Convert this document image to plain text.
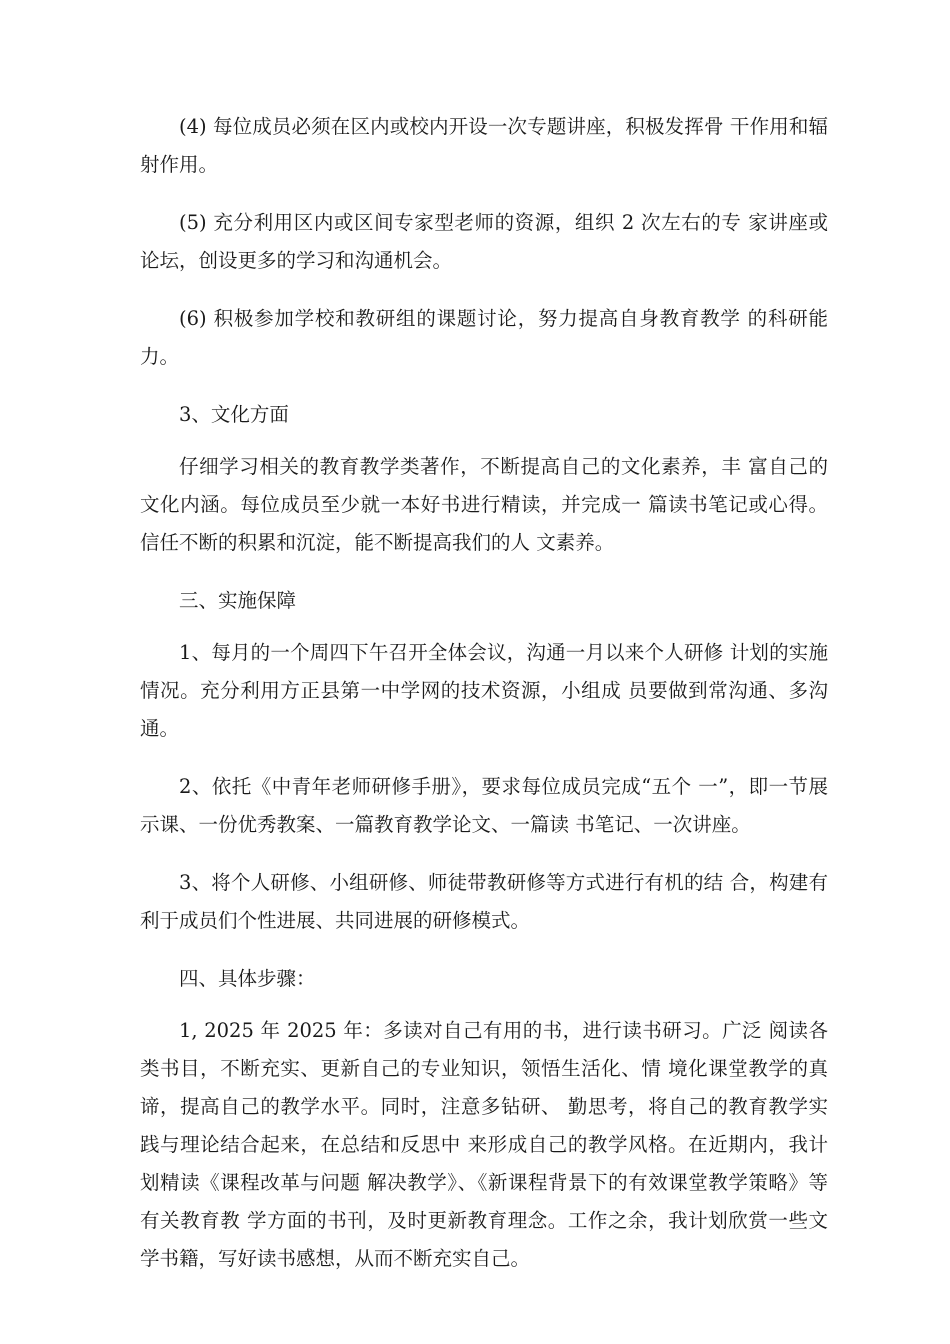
(4) 每位成员必须在区内或校内开设一次专题讲座，积极发挥骨 干作用和辐射作用。

(5) 充分利用区内或区间专家型老师的资源，组织 2 次左右的专 家讲座或论坛，创设更多的学习和沟通机会。

(6) 积极参加学校和教研组的课题讨论，努力提高自身教育教学 的科研能力。

3、文化方面

仔细学习相关的教育教学类著作，不断提高自己的文化素养，丰 富自己的文化内涵。每位成员至少就一本好书进行精读，并完成一 篇读书笔记或心得。信任不断的积累和沉淀，能不断提高我们的人 文素养。

三、实施保障

1、每月的一个周四下午召开全体会议，沟通一月以来个人研修 计划的实施情况。充分利用方正县第一中学网的技术资源，小组成 员要做到常沟通、多沟通。

2、依托《中青年老师研修手册》，要求每位成员完成“五个 一”，即一节展示课、一份优秀教案、一篇教育教学论文、一篇读 书笔记、一次讲座。

3、将个人研修、小组研修、师徒带教研修等方式进行有机的结 合，构建有利于成员们个性进展、共同进展的研修模式。

四、具体步骤：

1, 2025 年 2025 年：多读对自己有用的书，进行读书研习。广泛 阅读各类书目，不断充实、更新自己的专业知识，领悟生活化、情 境化课堂教学的真谛，提高自己的教学水平。同时，注意多钻研、 勤思考，将自己的教育教学实践与理论结合起来，在总结和反思中 来形成自己的教学风格。在近期内，我计划精读《课程改革与问题 解决教学》、《新课程背景下的有效课堂教学策略》等有关教育教 学方面的书刊，及时更新教育理念。工作之余，我计划欣赏一些文 学书籍，写好读书感想，从而不断充实自己。
